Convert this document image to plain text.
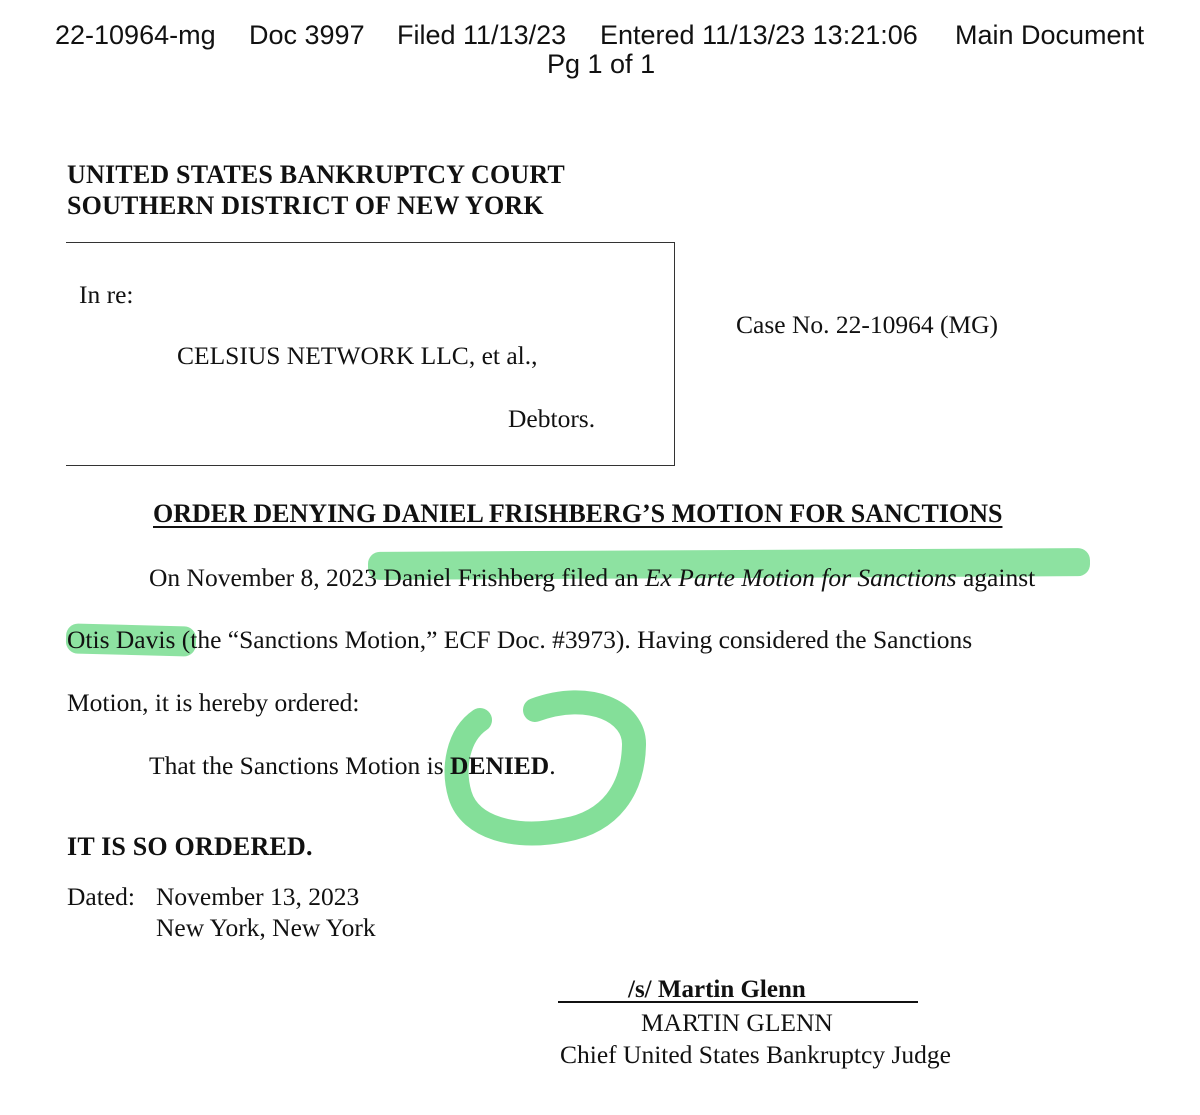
22-10964-mg Doc 3997 Filed 11/13/23 Entered 11/13/23 13:21:06 Main Document
Pg 1 of 1
UNITED STATES BANKRUPTCY COURT
SOUTHERN DISTRICT OF NEW YORK
In re:
CELSIUS NETWORK LLC, et al.,
Debtors.
Case No. 22-10964 (MG)
ORDER DENYING DANIEL FRISHBERG’S MOTION FOR SANCTIONS
On November 8, 2023 Daniel Frishberg filed an Ex Parte Motion for Sanctions against
Otis Davis (the “Sanctions Motion,” ECF Doc. #3973). Having considered the Sanctions
Motion, it is hereby ordered:
That the Sanctions Motion is DENIED.
IT IS SO ORDERED.
Dated: November 13, 2023
New York, New York
/s/ Martin Glenn
MARTIN GLENN
Chief United States Bankruptcy Judge
